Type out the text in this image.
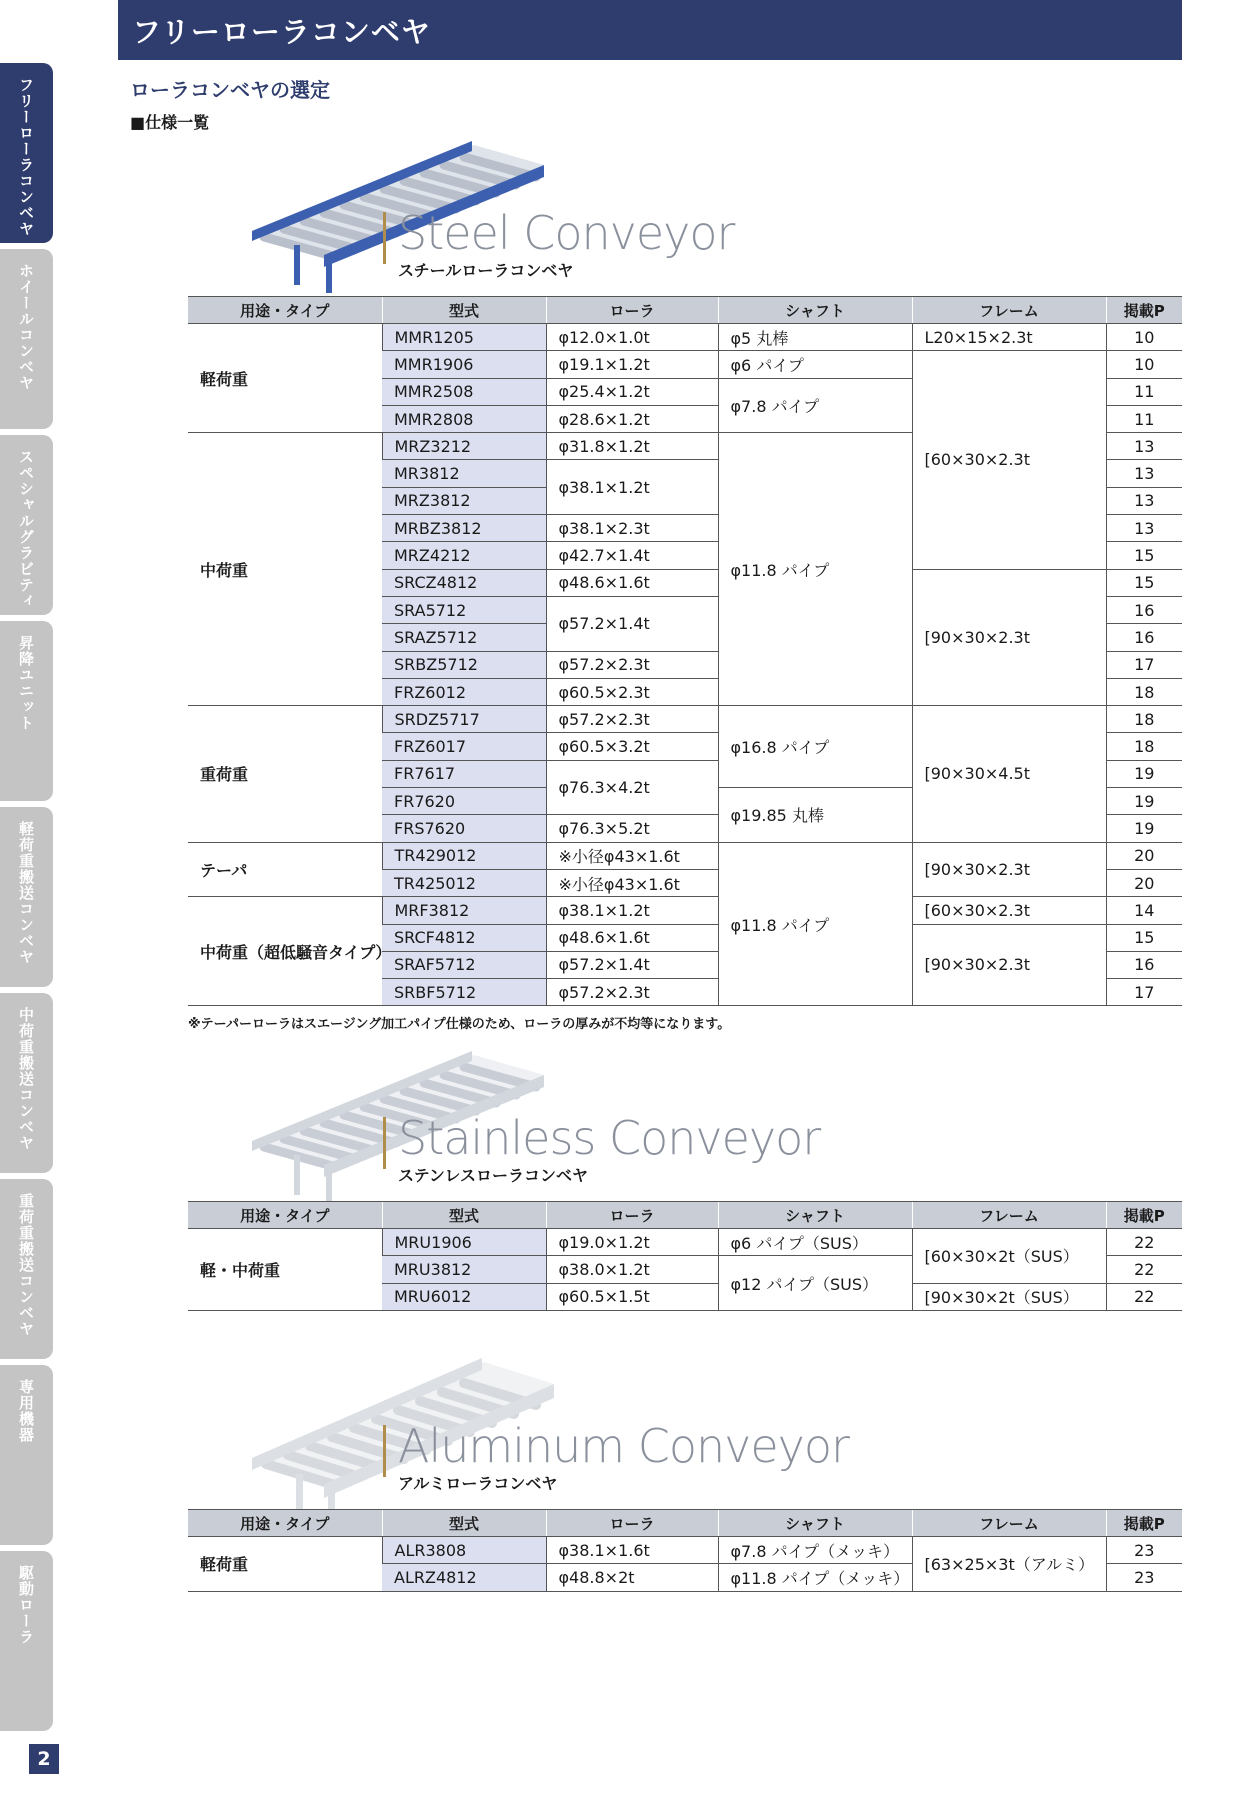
フリーローラコンベヤ
フリーローラコンベヤ
ホイールコンベヤ
スペシャルグラビティ
昇降ユニット
軽荷重搬送コンベヤ
中荷重搬送コンベヤ
重荷重搬送コンベヤ
専用機器
駆動ローラ
2
ローラコンベヤの選定
■仕様一覧
Steel Conveyor
スチールローラコンベヤ
用途・タイプ	型式	ローラ	シャフト	フレーム	掲載P
軽荷重	MMR1205	φ12.0×1.0t	φ5 丸棒	L20×15×2.3t	10
	MMR1906	φ19.1×1.2t	φ6 パイプ	[60×30×2.3t	10
	MMR2508	φ25.4×1.2t	φ7.8 パイプ		11
	MMR2808	φ28.6×1.2t			11
中荷重	MRZ3212	φ31.8×1.2t	φ11.8 パイプ		13
	MR3812	φ38.1×1.2t			13
	MRZ3812				13
	MRBZ3812	φ38.1×2.3t			13
	MRZ4212	φ42.7×1.4t			15
	SRCZ4812	φ48.6×1.6t		[90×30×2.3t	15
	SRA5712	φ57.2×1.4t			16
	SRAZ5712				16
	SRBZ5712	φ57.2×2.3t			17
	FRZ6012	φ60.5×2.3t			18
重荷重	SRDZ5717	φ57.2×2.3t	φ16.8 パイプ	[90×30×4.5t	18
	FRZ6017	φ60.5×3.2t			18
	FR7617	φ76.3×4.2t			19
	FR7620		φ19.85 丸棒		19
	FRS7620	φ76.3×5.2t			19
テーパ	TR429012	※小径φ43×1.6t	φ11.8 パイプ	[90×30×2.3t	20
	TR425012	※小径φ43×1.6t			20
中荷重（超低騒音タイプ）	MRF3812	φ38.1×1.2t		[60×30×2.3t	14
	SRCF4812	φ48.6×1.6t		[90×30×2.3t	15
	SRAF5712	φ57.2×1.4t			16
	SRBF5712	φ57.2×2.3t			17
※テーパーローラはスエージング加工パイプ仕様のため、ローラの厚みが不均等になります。
Stainless Conveyor
ステンレスローラコンベヤ
用途・タイプ	型式	ローラ	シャフト	フレーム	掲載P
軽・中荷重	MRU1906	φ19.0×1.2t	φ6 パイプ（SUS）	[60×30×2t（SUS）	22
	MRU3812	φ38.0×1.2t	φ12 パイプ（SUS）		22
	MRU6012	φ60.5×1.5t		[90×30×2t（SUS）	22
Aluminum Conveyor
アルミローラコンベヤ
用途・タイプ	型式	ローラ	シャフト	フレーム	掲載P
軽荷重	ALR3808	φ38.1×1.6t	φ7.8 パイプ（メッキ）	[63×25×3t（アルミ）	23
	ALRZ4812	φ48.8×2t	φ11.8 パイプ（メッキ）		23
